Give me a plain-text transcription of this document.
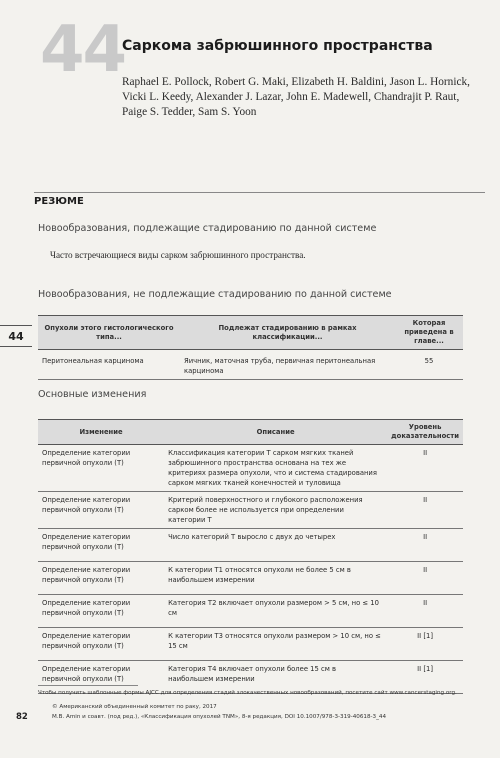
44
Саркома забрюшинного пространства
Raphael E. Pollock, Robert G. Maki, Elizabeth H. Baldini, Jason L. Hornick, Vicki L. Keedy, Alexander J. Lazar, John E. Madewell, Chandrajit P. Raut, Paige S. Tedder, Sam S. Yoon
РЕЗЮМЕ
Новообразования, подлежащие стадированию по данной системе
Часто встречающиеся виды сарком забрюшинного пространства.
Новообразования, не подлежащие стадированию по данной системе
44
Опухоли этого гистологического типа...	Подлежат стадированию в рамках классификации...	Которая приведена в главе...
Перитонеальная карцинома	Яичник, маточная труба, первичная перитонеальная карцинома	55
Основные изменения
Изменение	Описание	Уровень доказательности
Определение категории первичной опухоли (T)	Классификация категории T сарком мягких тканей забрюшинного пространства основана на тех же критериях размера опухоли, что и система стадирования сарком мягких тканей конечностей и туловища	II
Определение категории первичной опухоли (T)	Критерий поверхностного и глубокого расположения сарком более не используется при определении категории T	II
Определение категории первичной опухоли (T)	Число категорий T выросло с двух до четырех	II
Определение категории первичной опухоли (T)	К категории T1 относятся опухоли не более 5 см в наибольшем измерении	II
Определение категории первичной опухоли (T)	Категория T2 включает опухоли размером > 5 см, но ≤ 10 см	II
Определение категории первичной опухоли (T)	К категории T3 относятся опухоли размером > 10 см, но ≤ 15 см	II [1]
Определение категории первичной опухоли (T)	Категория T4 включает опухоли более 15 см в наибольшем измерении	II [1]
Чтобы получить шаблонные формы AJCC для определения стадий злокачественных новообразований, посетите сайт www.cancerstaging.org.
82
© Американский объединенный комитет по раку, 2017
M.B. Amin и соавт. (под ред.), «Классификация опухолей TNM», 8-я редакция, DOI 10.1007/978-3-319-40618-3_44
